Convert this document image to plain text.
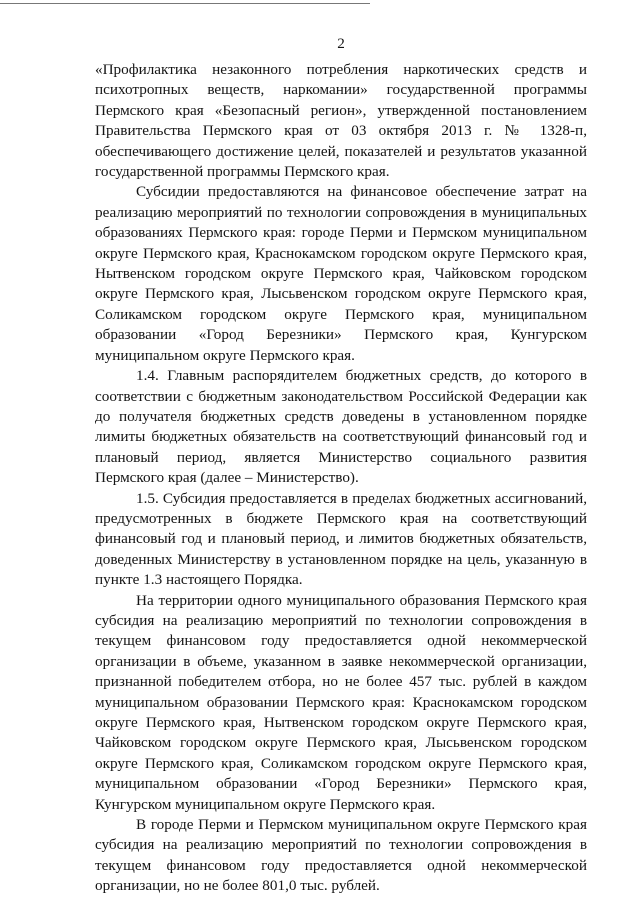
2

«Профилактика незаконного потребления наркотических средств и психотропных веществ, наркомании» государственной программы Пермского края «Безопасный регион», утвержденной постановлением Правительства Пермского края от 03 октября 2013 г. № 1328-п, обеспечивающего достижение целей, показателей и результатов указанной государственной программы Пермского края.

Субсидии предоставляются на финансовое обеспечение затрат на реализацию мероприятий по технологии сопровождения в муниципальных образованиях Пермского края: городе Перми и Пермском муниципальном округе Пермского края, Краснокамском городском округе Пермского края, Нытвенском городском округе Пермского края, Чайковском городском округе Пермского края, Лысьвенском городском округе Пермского края, Соликамском городском округе Пермского края, муниципальном образовании «Город Березники» Пермского края, Кунгурском муниципальном округе Пермского края.

1.4. Главным распорядителем бюджетных средств, до которого в соответствии с бюджетным законодательством Российской Федерации как до получателя бюджетных средств доведены в установленном порядке лимиты бюджетных обязательств на соответствующий финансовый год и плановый период, является Министерство социального развития Пермского края (далее – Министерство).

1.5. Субсидия предоставляется в пределах бюджетных ассигнований, предусмотренных в бюджете Пермского края на соответствующий финансовый год и плановый период, и лимитов бюджетных обязательств, доведенных Министерству в установленном порядке на цель, указанную в пункте 1.3 настоящего Порядка.

На территории одного муниципального образования Пермского края субсидия на реализацию мероприятий по технологии сопровождения в текущем финансовом году предоставляется одной некоммерческой организации в объеме, указанном в заявке некоммерческой организации, признанной победителем отбора, но не более 457 тыс. рублей в каждом муниципальном образовании Пермского края: Краснокамском городском округе Пермского края, Нытвенском городском округе Пермского края, Чайковском городском округе Пермского края, Лысьвенском городском округе Пермского края, Соликамском городском округе Пермского края, муниципальном образовании «Город Березники» Пермского края, Кунгурском муниципальном округе Пермского края.

В городе Перми и Пермском муниципальном округе Пермского края субсидия на реализацию мероприятий по технологии сопровождения в текущем финансовом году предоставляется одной некоммерческой организации, но не более 801,0 тыс. рублей.
